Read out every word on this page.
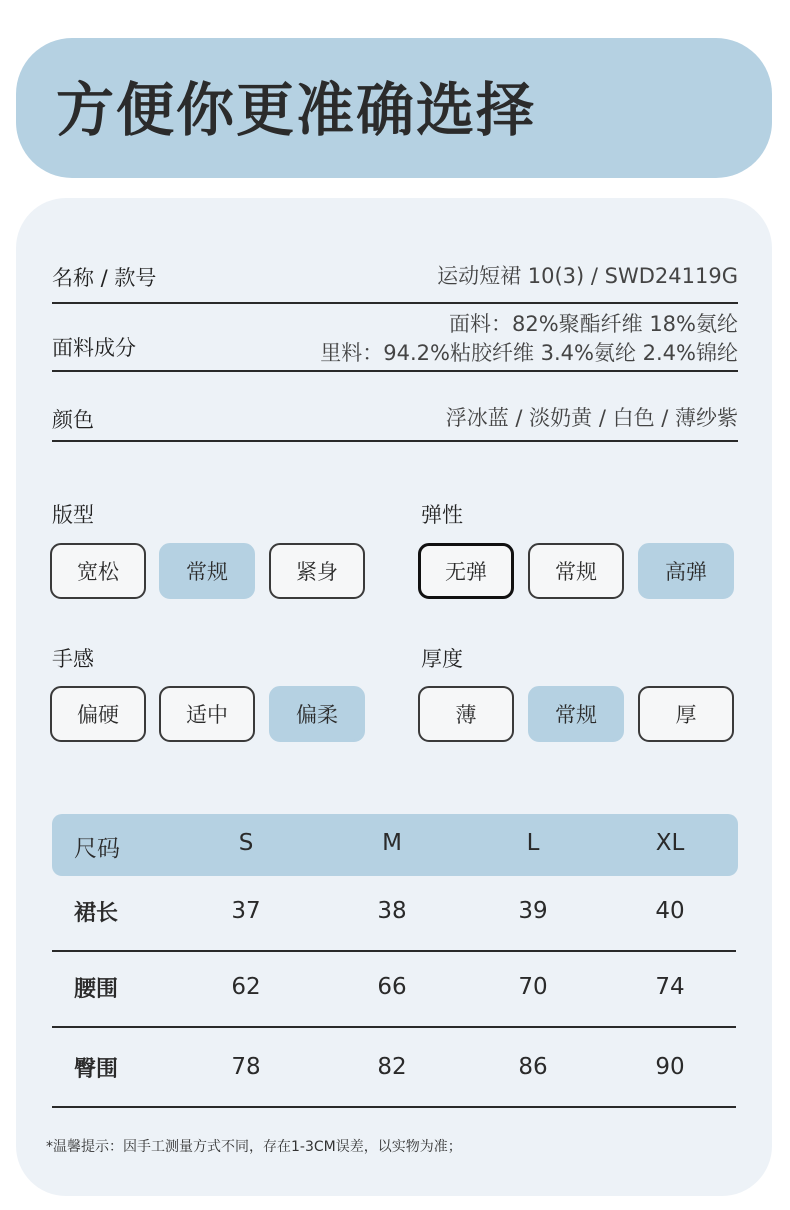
方便你更准确选择
名称 / 款号	运动短裙 10(3) / SWD24119G
面料成分
面料：82%聚酯纤维 18%氨纶
里料：94.2%粘胶纤维 3.4%氨纶 2.4%锦纶
颜色	浮冰蓝 / 淡奶黄 / 白色 / 薄纱紫
版型
宽松	常规	紧身
弹性
无弹	常规	高弹
手感
偏硬	适中	偏柔
厚度
薄	常规	厚
尺码	S	M	L	XL
裙长	37	38	39	40
腰围	62	66	70	74
臀围	78	82	86	90
*温馨提示：因手工测量方式不同，存在1-3CM误差，以实物为准；
